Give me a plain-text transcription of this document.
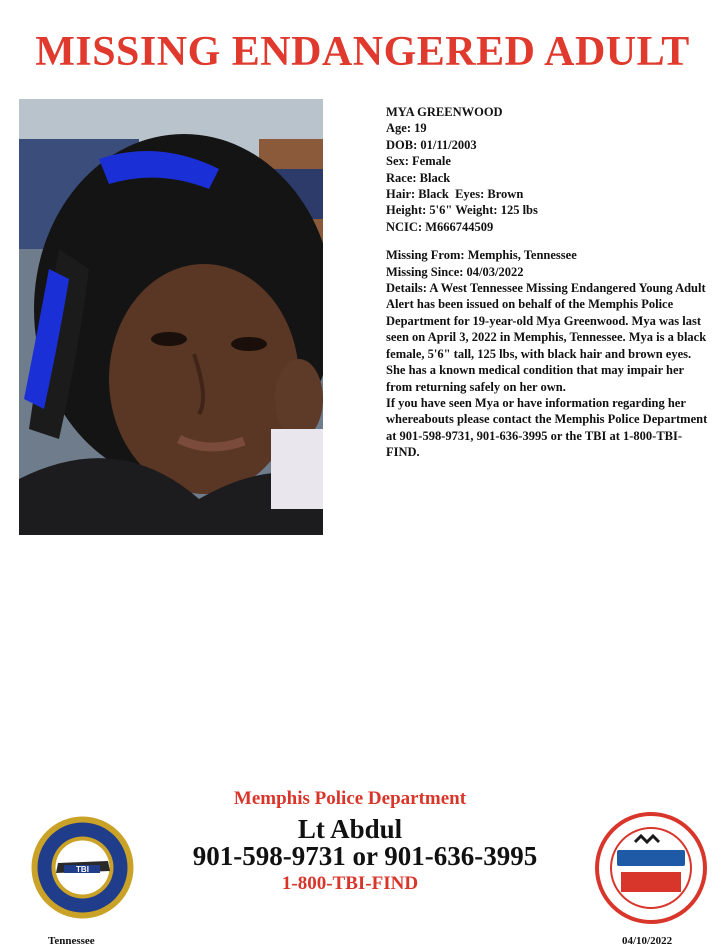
MISSING ENDANGERED ADULT
MYA GREENWOOD
Age: 19
DOB: 01/11/2003
Sex: Female
Race: Black
Hair: Black  Eyes: Brown
Height: 5'6" Weight: 125 lbs
NCIC: M666744509
Missing From: Memphis, Tennessee
Missing Since: 04/03/2022
Details: A West Tennessee Missing Endangered Young Adult Alert has been issued on behalf of the Memphis Police Department for 19-year-old Mya Greenwood. Mya was last seen on April 3, 2022 in Memphis, Tennessee. Mya is a black female, 5'6" tall, 125 lbs, with black hair and brown eyes. She has a known medical condition that may impair her from returning safely on her own.
If you have seen Mya or have information regarding her whereabouts please contact the Memphis Police Department at 901-598-9731, 901-636-3995 or the TBI at 1-800-TBI-FIND.
TBI
Memphis Police Department
Lt Abdul
901-598-9731 or 901-636-3995
1-800-TBI-FIND
Tennessee	04/10/2022
